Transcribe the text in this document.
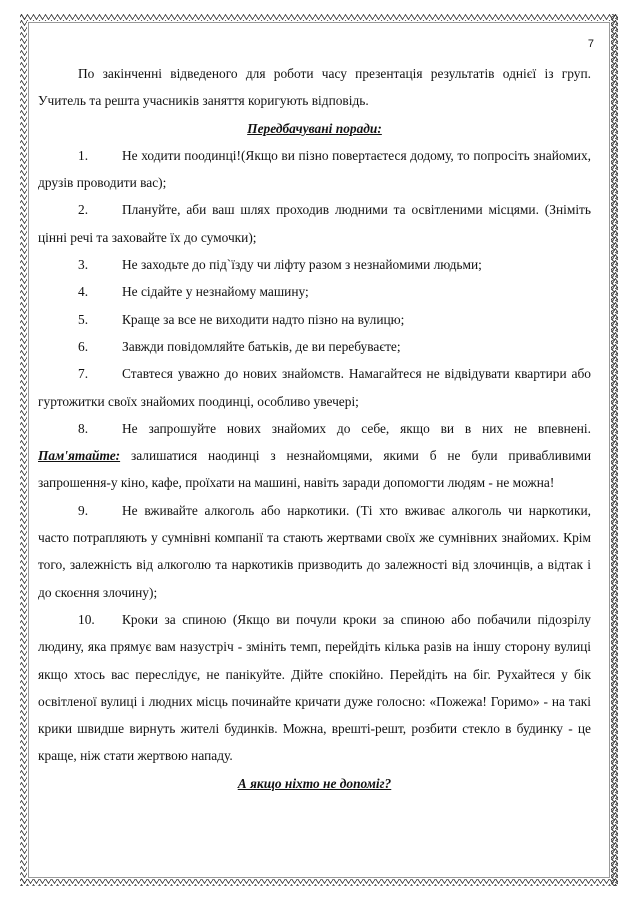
7

По закінченні відведеного для роботи часу презентація результатів однієї із груп. Учитель та решта учасників заняття коригують відповідь.

Передбачувані поради:

1.	Не ходити поодинці!(Якщо ви пізно повертаєтеся додому, то попросіть знайомих, друзів проводити вас);

2.	Плануйте, аби ваш шлях проходив людними та освітленими місцями. (Зніміть цінні речі та заховайте їх до сумочки);

3.	Не заходьте до під`їзду чи ліфту разом з незнайомими людьми;

4.	Не сідайте у незнайому машину;

5.	Краще за все не виходити надто пізно на вулицю;

6.	Завжди повідомляйте батьків, де ви перебуваєте;

7.	Ставтеся уважно до нових знайомств. Намагайтеся не відвідувати квартири або гуртожитки своїх знайомих поодинці, особливо увечері;

8.	Не запрошуйте нових знайомих до себе, якщо ви в них не впевнені. Пам'ятайте: залишатися наодинці з незнайомцями, якими б не були привабливими запрошення-у кіно, кафе, проїхати на машині, навіть заради допомогти людям - не можна!

9.	Не вживайте алкоголь або наркотики. (Ті хто вживає алкоголь чи наркотики, часто потрапляють у сумнівні компанії та стають жертвами своїх же сумнівних знайомих. Крім того, залежність від алкоголю та наркотиків призводить до залежності від злочинців, а відтак і до скоєння злочину);

10. Кроки за спиною (Якщо ви почули кроки за спиною або побачили підозрілу людину, яка прямує вам назустріч - змініть темп, перейдіть кілька разів на іншу сторону вулиці якщо хтось вас переслідує, не панікуйте. Дійте спокійно. Перейдіть на біг. Рухайтеся у бік освітленої вулиці і людних місць починайте кричати дуже голосно: «Пожежа! Горимо» - на такі крики швидше вирнуть жителі будинків. Можна, врешті-решт, розбити стекло в будинку - це краще, ніж стати жертвою нападу.

А якщо ніхто не допоміг?
